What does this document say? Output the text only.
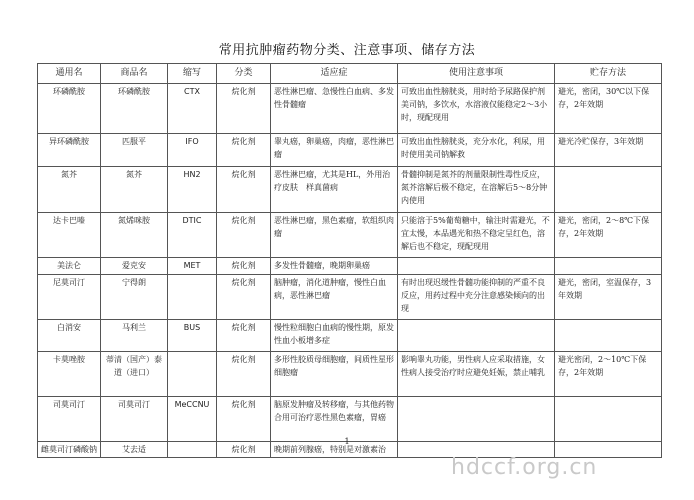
常用抗肿瘤药物分类、注意事项、储存方法
通用名	商品名	缩写	分类	适应症	使用注意事项	贮存方法
环磷酰胺	环磷酰胺	CTX	烷化剂	恶性淋巴瘤、急慢性白血病、多发性骨髓瘤	可致出血性膀胱炎，用时给予尿路保护剂美司钠，多饮水，水溶液仅能稳定2～3小时，现配现用	避光，密闭，30℃以下保存，2年效期
异环磷酰胺	匹服平	IFO	烷化剂	睾丸癌，卵巢癌，肉瘤，恶性淋巴瘤	可致出血性膀胱炎，充分水化，利尿，用时使用美司钠解救	避光冷贮保存，3年效期
氮芥	氮芥	HN2	烷化剂	恶性淋巴瘤，尤其是HL，外用治疗皮肤　样真菌病	骨髓抑制是氮芥的剂量限制性毒性反应，氮芥溶解后极不稳定，在溶解后5～8分钟内使用	
达卡巴嗪	氮烯咪胺	DTIC	烷化剂	恶性淋巴瘤，黑色素瘤，软组织肉瘤	只能溶于5%葡萄糖中，输注时需避光，不宜太慢，本品遇光和热不稳定呈红色，溶解后也不稳定，现配现用	避光，密闭，2～8℃下保存，2年效期
美法仑	爱克安	MET	烷化剂	多发性骨髓瘤，晚期卵巢癌		
尼莫司汀	宁得朗		烷化剂	脑肿瘤，消化道肿瘤，慢性白血病，恶性淋巴瘤	有时出现迟缓性骨髓功能抑制的严重不良反应，用药过程中充分注意感染倾向的出现	避光，密闭，室温保存，3年效期
白消安	马利兰	BUS	烷化剂	慢性粒细胞白血病的慢性期，原发性血小板增多症		
卡莫唑胺	蒂清（国产）泰道（进口）		烷化剂	多形性胶质母细胞瘤，间质性星形细胞瘤	影响睾丸功能，男性病人应采取措施，女性病人接受治疗时应避免妊娠，禁止哺乳	避光密闭，2～10℃下保存，2年效期
司莫司汀	司莫司汀	MeCCNU	烷化剂	脑原发肿瘤及转移瘤，与其他药物合用可治疗恶性黑色素瘤，胃癌		
雌莫司汀磷酸钠	艾去适		烷化剂	晚期前列腺癌，特别是对激素治		
1
hdccf.org.cn
